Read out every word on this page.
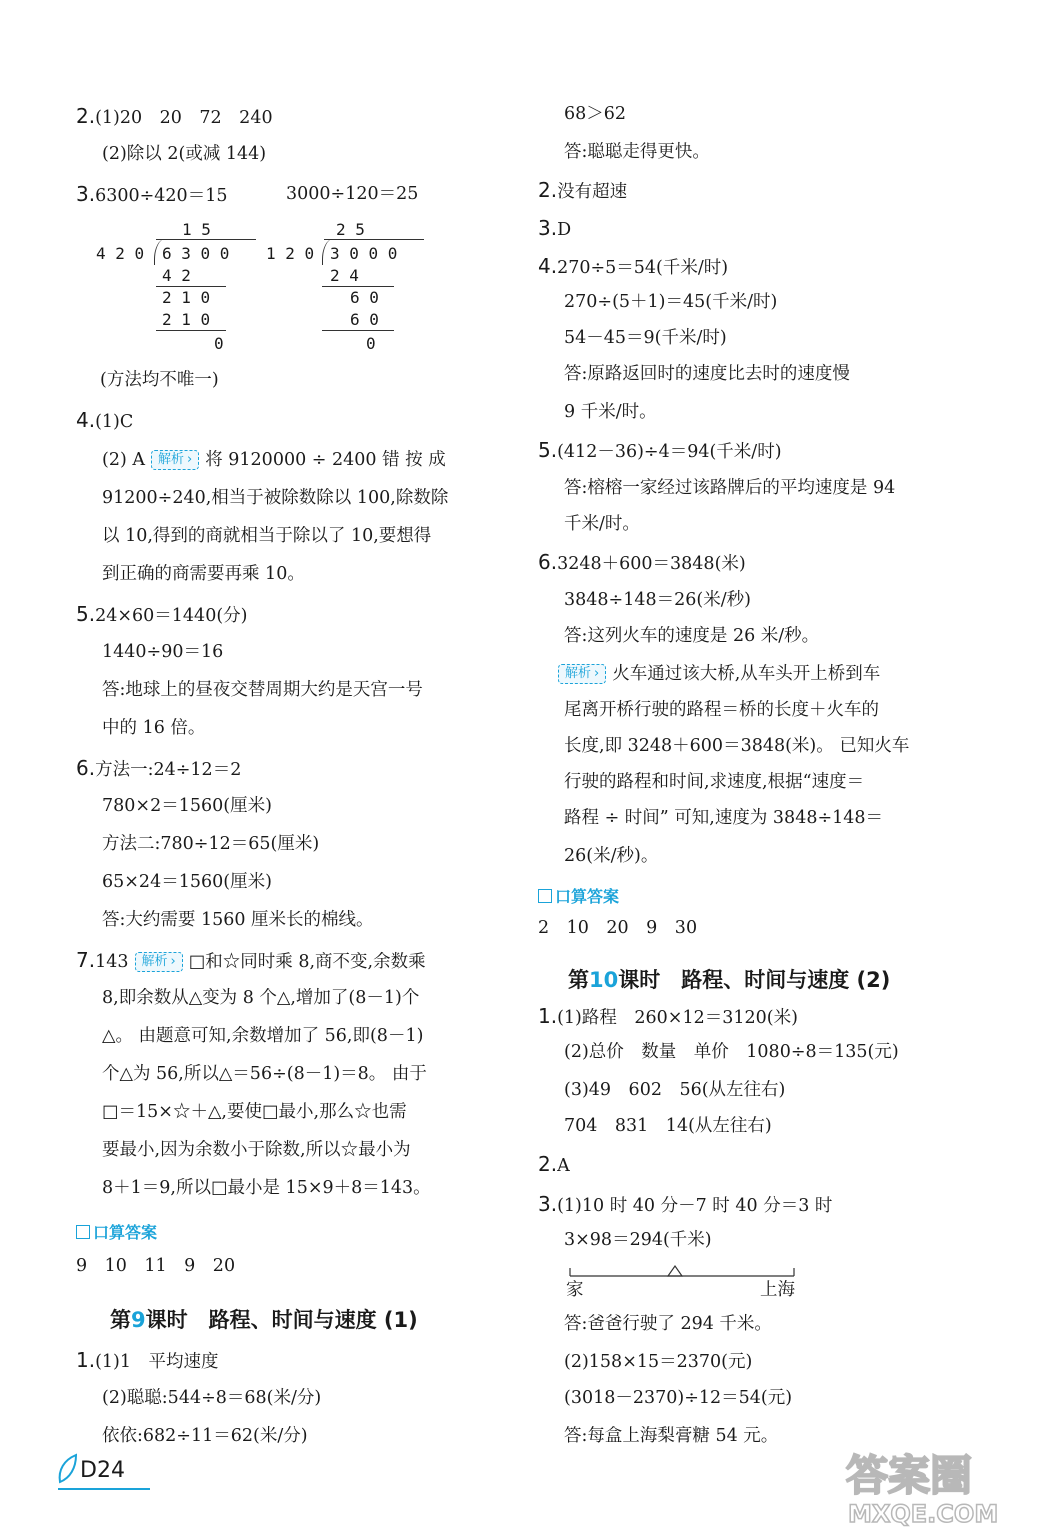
2.(1)20　20　72　240
(2)除以 2(或减 144)
3.6300÷420＝15	3000÷120＝25
1 5
4 2 0 6 3 0 0
4 2
2 1 0
2 1 0
0
2 5
1 2 0 3 0 0 0
2 4
6 0
6 0
0
(方法均不唯一)
4.(1)C
(2) A 解析 › 将 9120000 ÷ 2400 错 按 成
91200÷240,相当于被除数除以 100,除数除
以 10,得到的商就相当于除以了 10,要想得
到正确的商需要再乘 10。
5.24×60＝1440(分)
1440÷90＝16
答:地球上的昼夜交替周期大约是天宫一号
中的 16 倍。
6.方法一:24÷12＝2
780×2＝1560(厘米)
方法二:780÷12＝65(厘米)
65×24＝1560(厘米)
答:大约需要 1560 厘米长的棉线。
7.143 解析 › □和☆同时乘 8,商不变,余数乘
8,即余数从△变为 8 个△,增加了(8－1)个
△。 由题意可知,余数增加了 56,即(8－1)
个△为 56,所以△＝56÷(8－1)＝8。 由于
□＝15×☆＋△,要使□最小,那么☆也需
要最小,因为余数小于除数,所以☆最小为
8＋1＝9,所以□最小是 15×9＋8＝143。
口算答案
9　10　11　9　20
第9课时　路程、时间与速度 (1)
1.(1)1　平均速度
(2)聪聪:544÷8＝68(米/分)
依依:682÷11＝62(米/分)
68＞62
答:聪聪走得更快。
2.没有超速
3.D
4.270÷5＝54(千米/时)
270÷(5＋1)＝45(千米/时)
54－45＝9(千米/时)
答:原路返回时的速度比去时的速度慢
9 千米/时。
5.(412－36)÷4＝94(千米/时)
答:榕榕一家经过该路牌后的平均速度是 94
千米/时。
6.3248＋600＝3848(米)
3848÷148＝26(米/秒)
答:这列火车的速度是 26 米/秒。
解析 › 火车通过该大桥,从车头开上桥到车
尾离开桥行驶的路程＝桥的长度＋火车的
长度,即 3248＋600＝3848(米)。 已知火车
行驶的路程和时间,求速度,根据“速度＝
路程 ÷ 时间” 可知,速度为 3848÷148＝
26(米/秒)。
口算答案
2　10　20　9　30
第10课时　路程、时间与速度 (2)
1.(1)路程　260×12＝3120(米)
(2)总价　数量　单价　1080÷8＝135(元)
(3)49　602　56(从左往右)
704　831　14(从左往右)
2.A
3.(1)10 时 40 分－7 时 40 分＝3 时
3×98＝294(千米)
家	上海
答:爸爸行驶了 294 千米。
(2)158×15＝2370(元)
(3018－2370)÷12＝54(元)
答:每盒上海梨膏糖 54 元。
D24	答案圈
MXQE.COM
